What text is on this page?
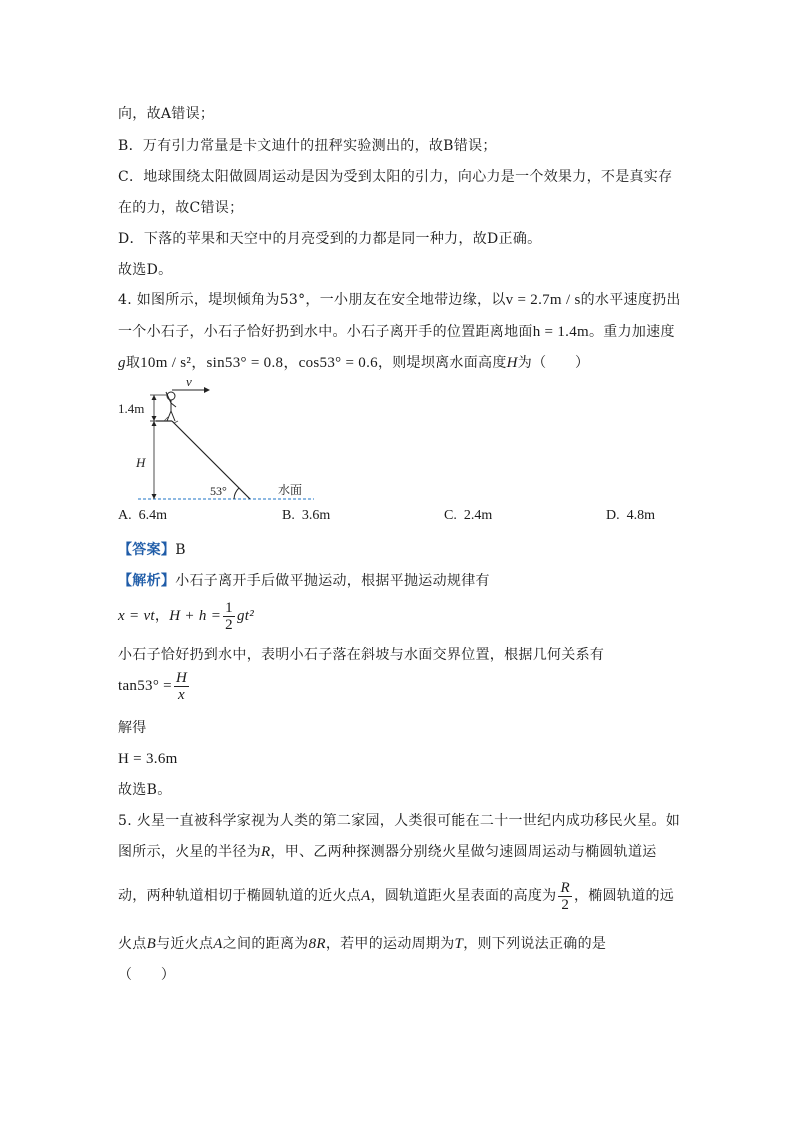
向，故A错误；
B．万有引力常量是卡文迪什的扭秤实验测出的，故B错误；
C．地球围绕太阳做圆周运动是因为受到太阳的引力，向心力是一个效果力，不是真实存
在的力，故C错误；
D．下落的苹果和天空中的月亮受到的力都是同一种力，故D正确。
故选D。
4. 如图所示，堤坝倾角为53°，一小朋友在安全地带边缘，以v = 2.7m / s的水平速度扔出
一个小石子，小石子恰好扔到水中。小石子离开手的位置距离地面h = 1.4m。重力加速度
g取10m / s²，sin53° = 0.8，cos53° = 0.6，则堤坝离水面高度H为（　　）
1.4m
H
v
53°	水面
A. 6.4m	B. 3.6m	C. 2.4m	D. 4.8m
【答案】B
【解析】小石子离开手后做平抛运动，根据平抛运动规律有
x = vt，$H + h = \frac{1}{2} gt^2$
小石子恰好扔到水中，表明小石子落在斜坡与水面交界位置，根据几何关系有
$\tan 53^\circ = \frac{H}{x}$
解得
H = 3.6m
故选B。
5. 火星一直被科学家视为人类的第二家园，人类很可能在二十一世纪内成功移民火星。如
图所示，火星的半径为R，甲、乙两种探测器分别绕火星做匀速圆周运动与椭圆轨道运
动，两种轨道相切于椭圆轨道的近火点A，圆轨道距火星表面的高度为 $\frac{R}{2}$ ，椭圆轨道的远
火点B与近火点A之间的距离为8R，若甲的运动周期为T，则下列说法正确的是
（　　）
